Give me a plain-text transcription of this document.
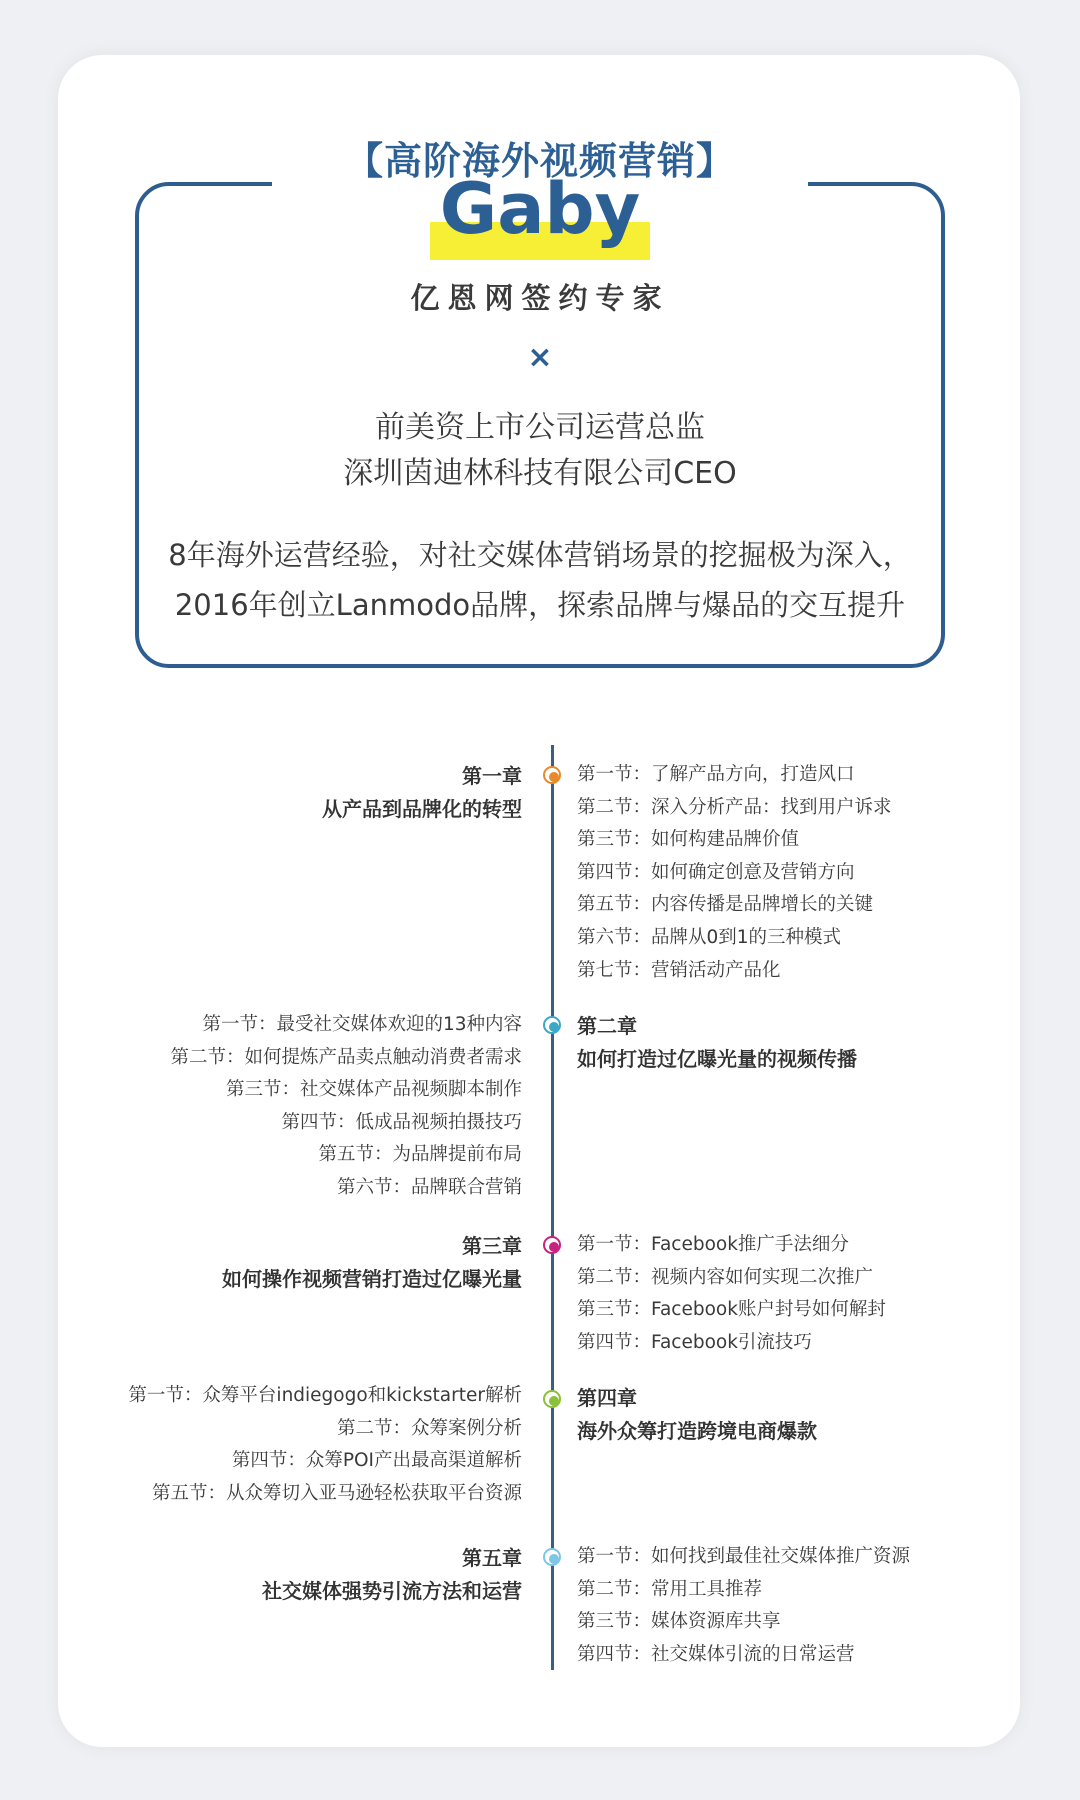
【高阶海外视频营销】
Gaby
亿恩网签约专家
×
前美资上市公司运营总监
深圳茵迪林科技有限公司CEO
8年海外运营经验，对社交媒体营销场景的挖掘极为深入，
2016年创立Lanmodo品牌，探索品牌与爆品的交互提升
第一章
从产品到品牌化的转型
第一节：了解产品方向，打造风口
第二节：深入分析产品：找到用户诉求
第三节：如何构建品牌价值
第四节：如何确定创意及营销方向
第五节：内容传播是品牌增长的关键
第六节：品牌从0到1的三种模式
第七节：营销活动产品化
第一节：最受社交媒体欢迎的13种内容
第二节：如何提炼产品卖点触动消费者需求
第三节：社交媒体产品视频脚本制作
第四节：低成品视频拍摄技巧
第五节：为品牌提前布局
第六节：品牌联合营销
第二章
如何打造过亿曝光量的视频传播
第三章
如何操作视频营销打造过亿曝光量
第一节：Facebook推广手法细分
第二节：视频内容如何实现二次推广
第三节：Facebook账户封号如何解封
第四节：Facebook引流技巧
第一节：众筹平台indiegogo和kickstarter解析
第二节：众筹案例分析
第四节：众筹POI产出最高渠道解析
第五节：从众筹切入亚马逊轻松获取平台资源
第四章
海外众筹打造跨境电商爆款
第五章
社交媒体强势引流方法和运营
第一节：如何找到最佳社交媒体推广资源
第二节：常用工具推荐
第三节：媒体资源库共享
第四节：社交媒体引流的日常运营
